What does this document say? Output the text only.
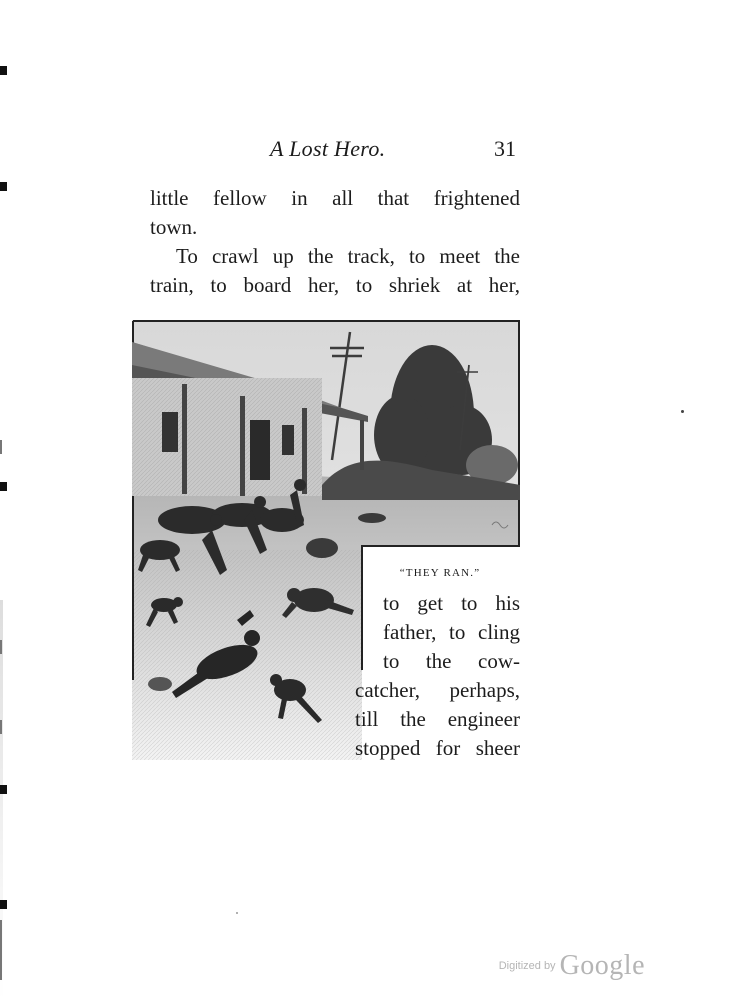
A Lost Hero.	31
little fellow in all that frightened
town.
To crawl up the track, to meet the
train, to board her, to shriek at her,
“THEY RAN.”
to get to his
father, to cling
to the cow-
catcher, perhaps,
till the engineer
stopped for sheer
Digitized by Google
